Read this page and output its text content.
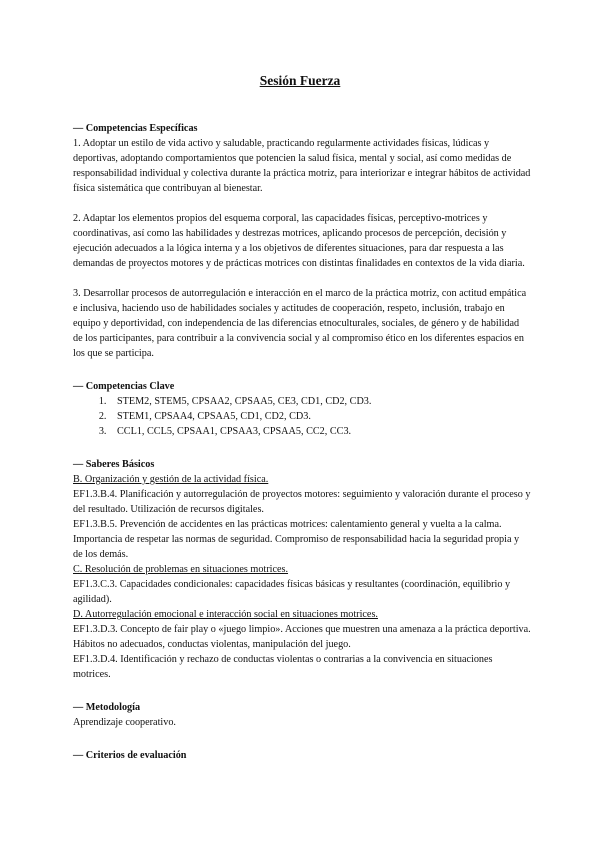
Sesión Fuerza

— Competencias Específicas

1. Adoptar un estilo de vida activo y saludable, practicando regularmente actividades físicas, lúdicas y deportivas, adoptando comportamientos que potencien la salud física, mental y social, así como medidas de responsabilidad individual y colectiva durante la práctica motriz, para interiorizar e integrar hábitos de actividad física sistemática que contribuyan al bienestar.

2. Adaptar los elementos propios del esquema corporal, las capacidades físicas, perceptivo-motrices y coordinativas, así como las habilidades y destrezas motrices, aplicando procesos de percepción, decisión y ejecución adecuados a la lógica interna y a los objetivos de diferentes situaciones, para dar respuesta a las demandas de proyectos motores y de prácticas motrices con distintas finalidades en contextos de la vida diaria.

3. Desarrollar procesos de autorregulación e interacción en el marco de la práctica motriz, con actitud empática e inclusiva, haciendo uso de habilidades sociales y actitudes de cooperación, respeto, inclusión, trabajo en equipo y deportividad, con independencia de las diferencias etnoculturales, sociales, de género y de habilidad de los participantes, para contribuir a la convivencia social y al compromiso ético en los diferentes espacios en los que se participa.

— Competencias Clave

1. STEM2, STEM5, CPSAA2, CPSAA5, CE3, CD1, CD2, CD3.
2. STEM1, CPSAA4, CPSAA5, CD1, CD2, CD3.
3. CCL1, CCL5, CPSAA1, CPSAA3, CPSAA5, CC2, CC3.

— Saberes Básicos

B. Organización y gestión de la actividad física.

EF1.3.B.4. Planificación y autorregulación de proyectos motores: seguimiento y valoración durante el proceso y del resultado. Utilización de recursos digitales.

EF1.3.B.5. Prevención de accidentes en las prácticas motrices: calentamiento general y vuelta a la calma. Importancia de respetar las normas de seguridad. Compromiso de responsabilidad hacia la seguridad propia y de los demás.

C. Resolución de problemas en situaciones motrices.

EF1.3.C.3. Capacidades condicionales: capacidades físicas básicas y resultantes (coordinación, equilibrio y agilidad).

D. Autorregulación emocional e interacción social en situaciones motrices.

EF1.3.D.3. Concepto de fair play o «juego limpio». Acciones que muestren una amenaza a la práctica deportiva. Hábitos no adecuados, conductas violentas, manipulación del juego.

EF1.3.D.4. Identificación y rechazo de conductas violentas o contrarias a la convivencia en situaciones motrices.

— Metodología

Aprendizaje cooperativo.

— Criterios de evaluación
